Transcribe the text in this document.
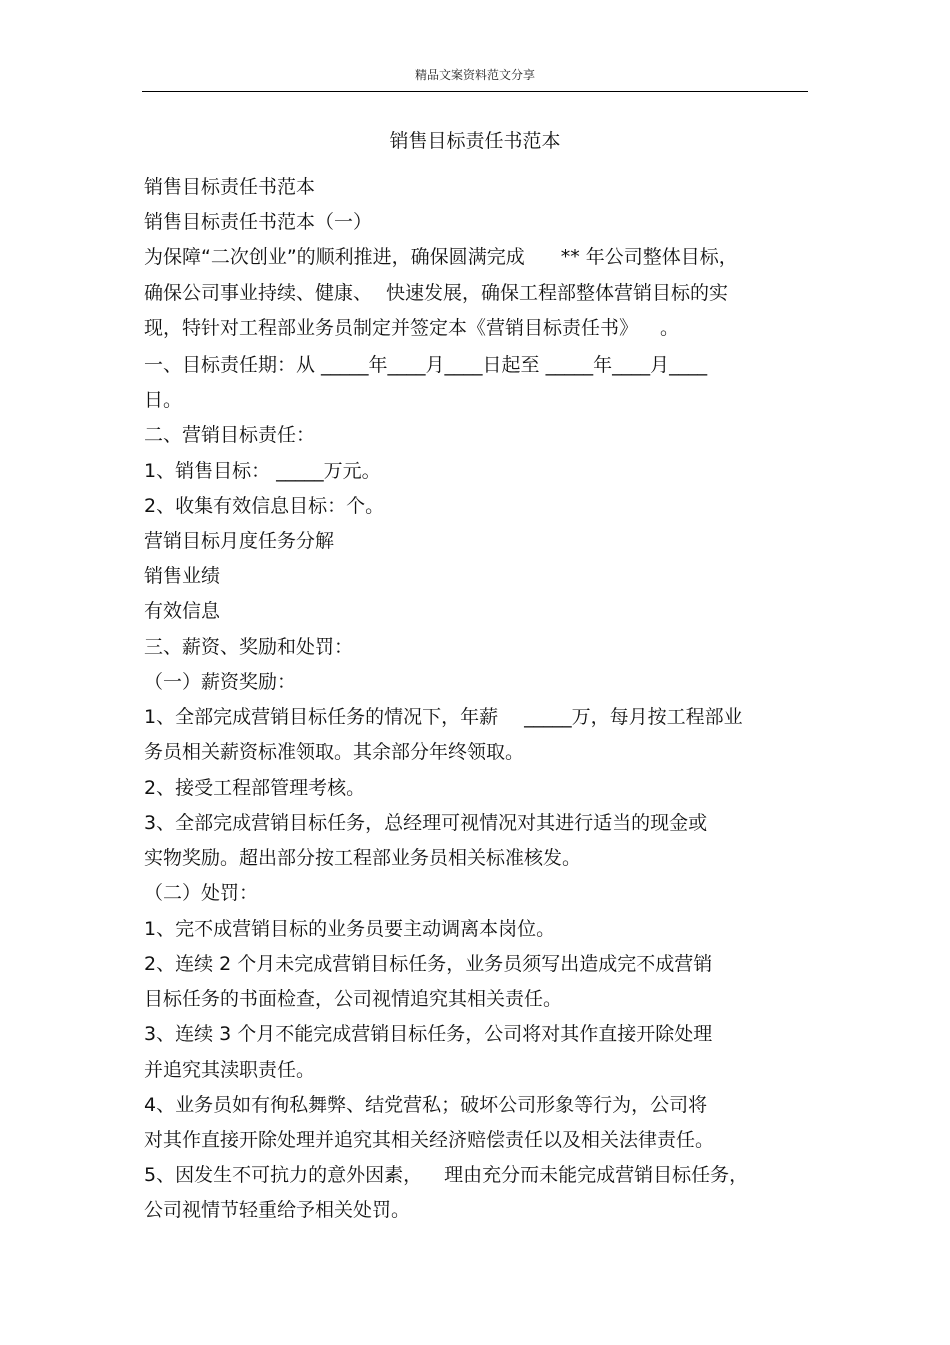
精品文案资料范文分享
销售目标责任书范本
销售目标责任书范本
销售目标责任书范本（一）
为保障“二次创业”的顺利推进，确保圆满完成 ** 年公司整体目标，
确保公司事业持续、健康、 快速发展，确保工程部整体营销目标的实
现，特针对工程部业务员制定并签定本《营销目标责任书》 。
一、目标责任期：从 _____年____月____日起至 _____年____月____
日。
二、营销目标责任：
1、销售目标： _____万元。
2、收集有效信息目标：个。
营销目标月度任务分解
销售业绩
有效信息
三、薪资、奖励和处罚：
（一）薪资奖励：
1、全部完成营销目标任务的情况下，年薪 _____万，每月按工程部业
务员相关薪资标准领取。其余部分年终领取。
2、接受工程部管理考核。
3、全部完成营销目标任务，总经理可视情况对其进行适当的现金或
实物奖励。超出部分按工程部业务员相关标准核发。
（二）处罚：
1、完不成营销目标的业务员要主动调离本岗位。
2、连续 2 个月未完成营销目标任务，业务员须写出造成完不成营销
目标任务的书面检查，公司视情追究其相关责任。
3、连续 3 个月不能完成营销目标任务，公司将对其作直接开除处理
并追究其渎职责任。
4、业务员如有徇私舞弊、结党营私；破坏公司形象等行为，公司将
对其作直接开除处理并追究其相关经济赔偿责任以及相关法律责任。
5、因发生不可抗力的意外因素， 理由充分而未能完成营销目标任务，
公司视情节轻重给予相关处罚。
